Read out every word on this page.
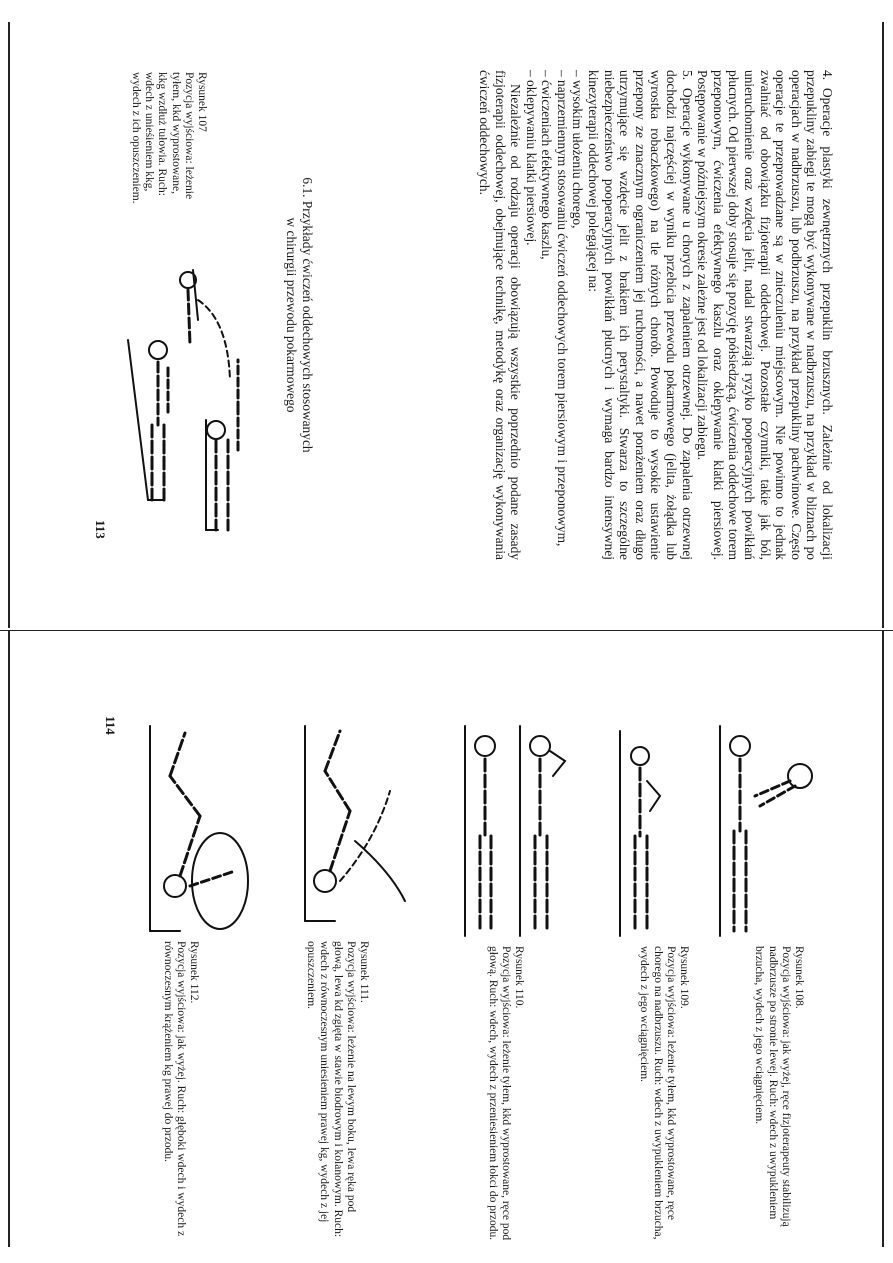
4.Operacje plastyki zewnętrznych przepuklin brzusznych. Zależnie od lokalizacji przepukliny zabiegi te mogą być wykonywane w nadbrzuszu, na przykład w bliznach po operacjach w nadbrzuszu, lub podbrzuszu, na przykład przepukliny pachwinowe. Często operacje te przeprowadzane są w znieczuleniu miejscowym. Nie powinno to jednak zwalniać od obowiązku fizjoterapii oddechowej. Pozostałe czynniki, takie jak ból, unieruchomienie oraz wzdęcia jelit, nadal stwarzają ryzyko pooperacyjnych powikłań płucnych. Od pierwszej doby stosuje się pozycję półsiedzącą, ćwiczenia oddechowe torem przeponowym, ćwiczenia efektywnego kaszlu oraz oklepywanie klatki piersiowej. Postępowanie w późniejszym okresie zależne jest od lokalizacji zabiegu.

5.Operacje wykonywane u chorych z zapaleniem otrzewnej. Do zapalenia otrzewnej dochodzi najczęściej w wyniku przebicia przewodu pokarmowego (jelita, żołądka lub wyrostka robaczkowego) na tle różnych chorób. Powoduje to wysokie ustawienie przepony ze znacznym ograniczeniem jej ruchomości, a nawet porażeniem oraz długo utrzymujące się wzdęcie jelit z brakiem ich perystaltyki. Stwarza to szczególne niebezpieczeństwo pooperacyjnych powikłań płucnych i wymaga bardzo intensywnej kinezyterapii oddechowej polegającej na:

– wysokim ułożeniu chorego,

– naprzemiennym stosowaniu ćwiczeń oddechowych torem piersiowym i przeponowym,

– ćwiczeniach efektywnego kaszlu,

– oklepywaniu klatki piersiowej.

Niezależnie od rodzaju operacji obowiązują wszystkie poprzednio podane zasady fizjoterapii oddechowej, obejmujące technikę, metodykę oraz organizację wykonywania ćwiczeń oddechowych.

6.1. Przykłady ćwiczeń oddechowych stosowanych

w chirurgii przewodu pokarmowego

Rysunek 107

Pozycja wyjściowa: leżenie tyłem, kkd wyprostowane, kkg wzdłuż tułowia. Ruch: wdech z unieśieniem kkg, wydech z ich opuszczeniem.

113
114

Rysunek 108.

Pozycja wyjściowa: jak wyżej, ręce fizjoterapeuty stabilizują nadbrzusze po stronie lewej. Ruch: wdech z uwypukleniem brzucha, wydech z jego wciągnięciem.

Rysunek 109.

Pozycja wyjściowa: leżenie tyłem, kkd wyprostowane, ręce chorego na nadbrzuszu. Ruch: wdech z uwypukleniem brzucha, wydech z jego wciągnięciem.

Rysunek 110.

Pozycja wyjściowa: leżenie tyłem, kkd wyprostowane, ręce pod głową. Ruch: wdech, wydech z przeniesieniem łokci do przodu.

Rysunek 111.

Pozycja wyjściowa: leżenie na lewym boku, lewa ręka pod głową, lewa kd zgięta w stawie biodrowym i kolanowym. Ruch: wdech z równoczesnym uniesieniem prawej kg, wydech z jej opuszczeniem.

Rysunek 112.

Pozycja wyjściowa: jak wyżej. Ruch: głęboki wdech i wydech z równoczesnym krążeniem kg prawej do przodu.
